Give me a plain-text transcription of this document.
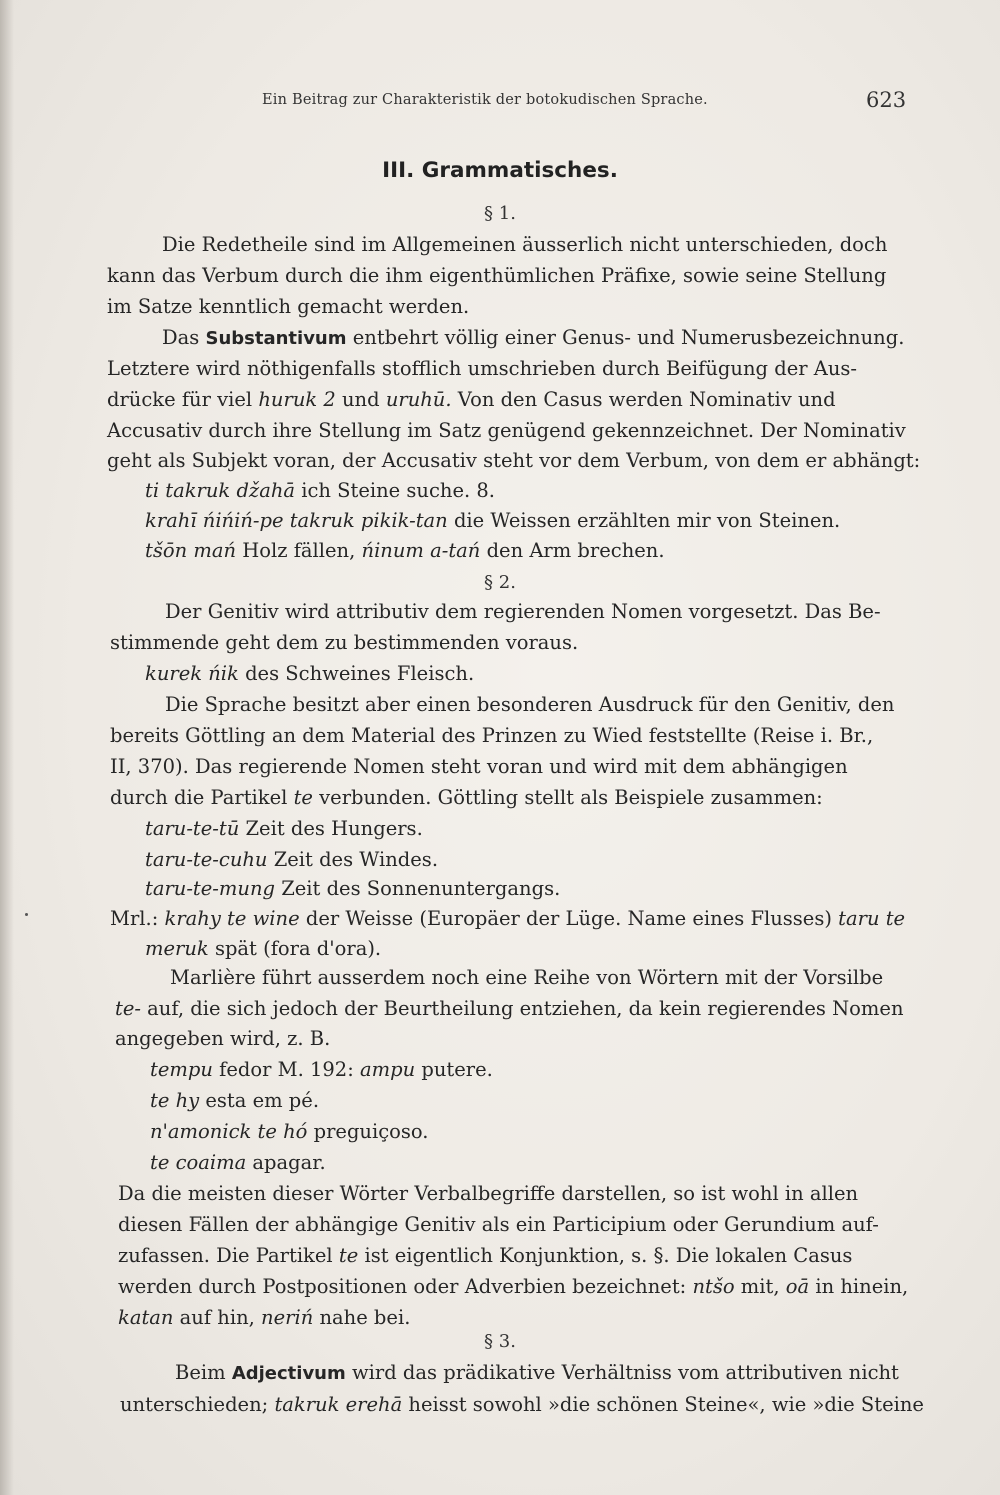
Ein Beitrag zur Charakteristik der botokudischen Sprache.	623
III. Grammatisches.
§ 1.
Die Redetheile sind im Allgemeinen äusserlich nicht unterschieden, doch
kann das Verbum durch die ihm eigenthümlichen Präfixe, sowie seine Stellung
im Satze kenntlich gemacht werden.
Das Substantivum entbehrt völlig einer Genus- und Numerusbezeichnung.
Letztere wird nöthigenfalls stofflich umschrieben durch Beifügung der Aus-
drücke für viel huruk 2 und uruhū. Von den Casus werden Nominativ und
Accusativ durch ihre Stellung im Satz genügend gekennzeichnet. Der Nominativ
geht als Subjekt voran, der Accusativ steht vor dem Verbum, von dem er abhängt:
ti takruk džahā ich Steine suche. 8.
krahī ńińiń-pe takruk pikik-tan die Weissen erzählten mir von Steinen.
tšōn mań Holz fällen, ńinum a-tań den Arm brechen.
§ 2.
Der Genitiv wird attributiv dem regierenden Nomen vorgesetzt. Das Be-
stimmende geht dem zu bestimmenden voraus.
kurek ńik des Schweines Fleisch.
Die Sprache besitzt aber einen besonderen Ausdruck für den Genitiv, den
bereits Göttling an dem Material des Prinzen zu Wied feststellte (Reise i. Br.,
II, 370). Das regierende Nomen steht voran und wird mit dem abhängigen
durch die Partikel te verbunden. Göttling stellt als Beispiele zusammen:
taru-te-tū Zeit des Hungers.
taru-te-cuhu Zeit des Windes.
taru-te-mung Zeit des Sonnenuntergangs.
Mrl.: krahy te wine der Weisse (Europäer der Lüge. Name eines Flusses) taru te
meruk spät (fora d'ora).
Marlière führt ausserdem noch eine Reihe von Wörtern mit der Vorsilbe
te- auf, die sich jedoch der Beurtheilung entziehen, da kein regierendes Nomen
angegeben wird, z. B.
tempu fedor M. 192: ampu putere.
te hy esta em pé.
n'amonick te hó preguiçoso.
te coaima apagar.
Da die meisten dieser Wörter Verbalbegriffe darstellen, so ist wohl in allen
diesen Fällen der abhängige Genitiv als ein Participium oder Gerundium auf-
zufassen. Die Partikel te ist eigentlich Konjunktion, s. §. Die lokalen Casus
werden durch Postpositionen oder Adverbien bezeichnet: ntšo mit, oā in hinein,
katan auf hin, neriń nahe bei.
§ 3.
Beim Adjectivum wird das prädikative Verhältniss vom attributiven nicht
unterschieden; takruk erehā heisst sowohl »die schönen Steine«, wie »die Steine
